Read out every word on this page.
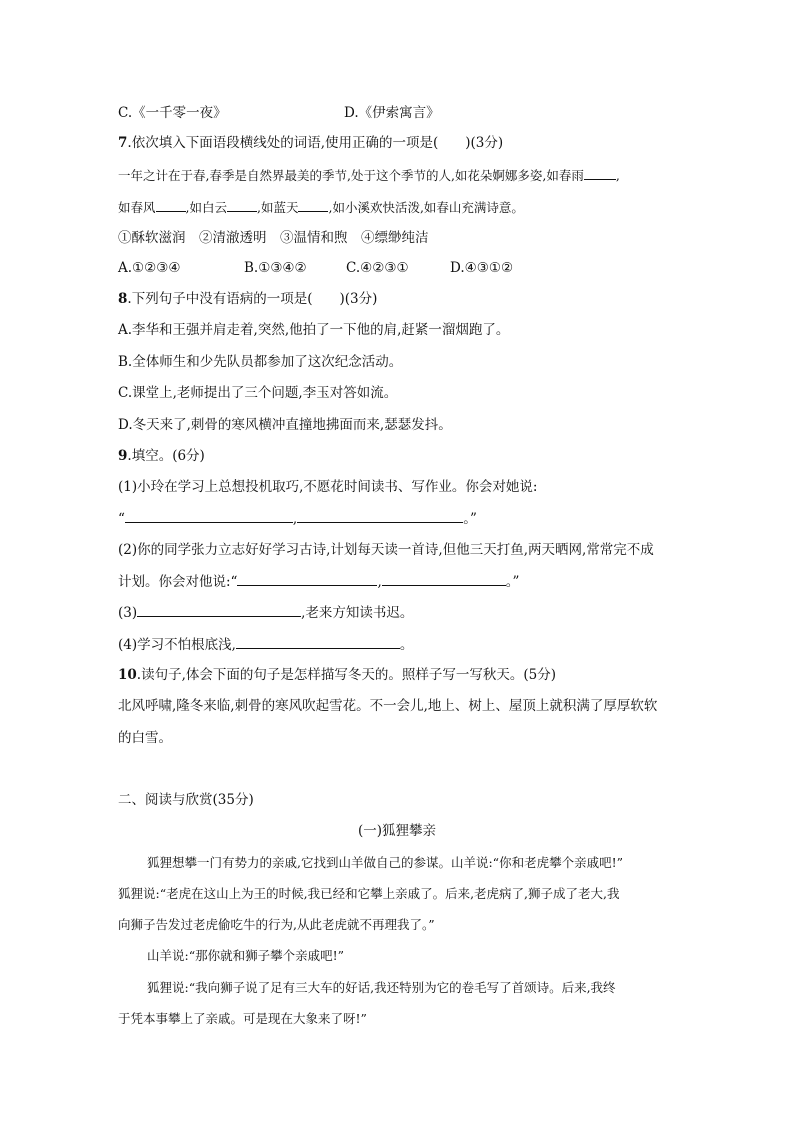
C.《一千零一夜》	D.《伊索寓言》
7.依次填入下面语段横线处的词语,使用正确的一项是(　　)(3分)
一年之计在于春,春季是自然界最美的季节,处于这个季节的人,如花朵婀娜多姿,如春雨	,
如春风 ,如白云 ,如蓝天 ,如小溪欢快活泼,如春山充满诗意。
①酥软滋润　②清澈透明　③温情和煦　④缥缈纯洁
A.①②③④	B.①③④②	C.④②③①	D.④③①②
8.下列句子中没有语病的一项是(　　)(3分)
A.李华和王强并肩走着,突然,他拍了一下他的肩,赶紧一溜烟跑了。
B.全体师生和少先队员都参加了这次纪念活动。
C.课堂上,老师提出了三个问题,李玉对答如流。
D.冬天来了,刺骨的寒风横冲直撞地拂面而来,瑟瑟发抖。
9.填空。(6分)
(1)小玲在学习上总想投机取巧,不愿花时间读书、写作业。你会对她说:
“	,	。”
(2)你的同学张力立志好好学习古诗,计划每天读一首诗,但他三天打鱼,两天晒网,常常完不成
计划。你会对他说:“	,	。”
(3)	,老来方知读书迟。
(4)学习不怕根底浅,	。
10.读句子,体会下面的句子是怎样描写冬天的。照样子写一写秋天。(5分)
北风呼啸,隆冬来临,刺骨的寒风吹起雪花。不一会儿,地上、树上、屋顶上就积满了厚厚软软
的白雪。
二、阅读与欣赏(35分)
(一)狐狸攀亲
狐狸想攀一门有势力的亲戚,它找到山羊做自己的参谋。山羊说:“你和老虎攀个亲戚吧!”
狐狸说:“老虎在这山上为王的时候,我已经和它攀上亲戚了。后来,老虎病了,狮子成了老大,我
向狮子告发过老虎偷吃牛的行为,从此老虎就不再理我了。”
山羊说:“那你就和狮子攀个亲戚吧!”
狐狸说:“我向狮子说了足有三大车的好话,我还特别为它的卷毛写了首颂诗。后来,我终
于凭本事攀上了亲戚。可是现在大象来了呀!”
